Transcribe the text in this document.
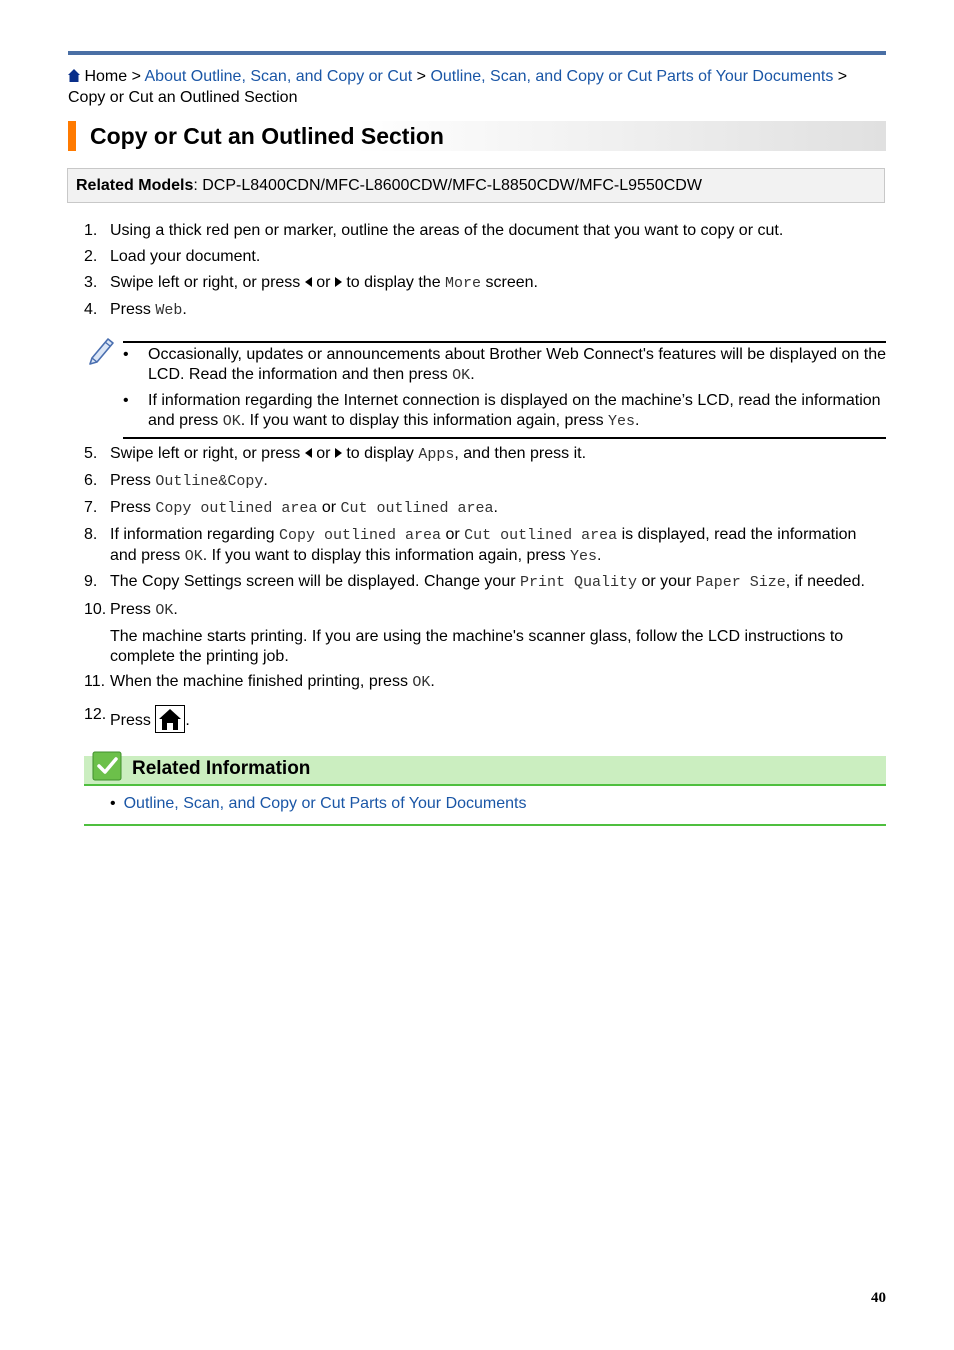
Home > About Outline, Scan, and Copy or Cut > Outline, Scan, and Copy or Cut Parts of Your Documents > Copy or Cut an Outlined Section
Copy or Cut an Outlined Section
Related Models: DCP-L8400CDN/MFC-L8600CDW/MFC-L8850CDW/MFC-L9550CDW
1. Using a thick red pen or marker, outline the areas of the document that you want to copy or cut.
2. Load your document.
3. Swipe left or right, or press  or  to display the More screen.
4. Press Web.
• Occasionally, updates or announcements about Brother Web Connect's features will be displayed on the LCD. Read the information and then press OK.
• If information regarding the Internet connection is displayed on the machine’s LCD, read the information and press OK. If you want to display this information again, press Yes.
5. Swipe left or right, or press  or  to display Apps, and then press it.
6. Press Outline&Copy.
7. Press Copy outlined area or Cut outlined area.
8. If information regarding Copy outlined area or Cut outlined area is displayed, read the information and press OK. If you want to display this information again, press Yes.
9. The Copy Settings screen will be displayed. Change your Print Quality or your Paper Size, if needed.
10. Press OK.
The machine starts printing. If you are using the machine's scanner glass, follow the LCD instructions to complete the printing job.
11. When the machine finished printing, press OK.
12. Press .
Related Information
• Outline, Scan, and Copy or Cut Parts of Your Documents
40
